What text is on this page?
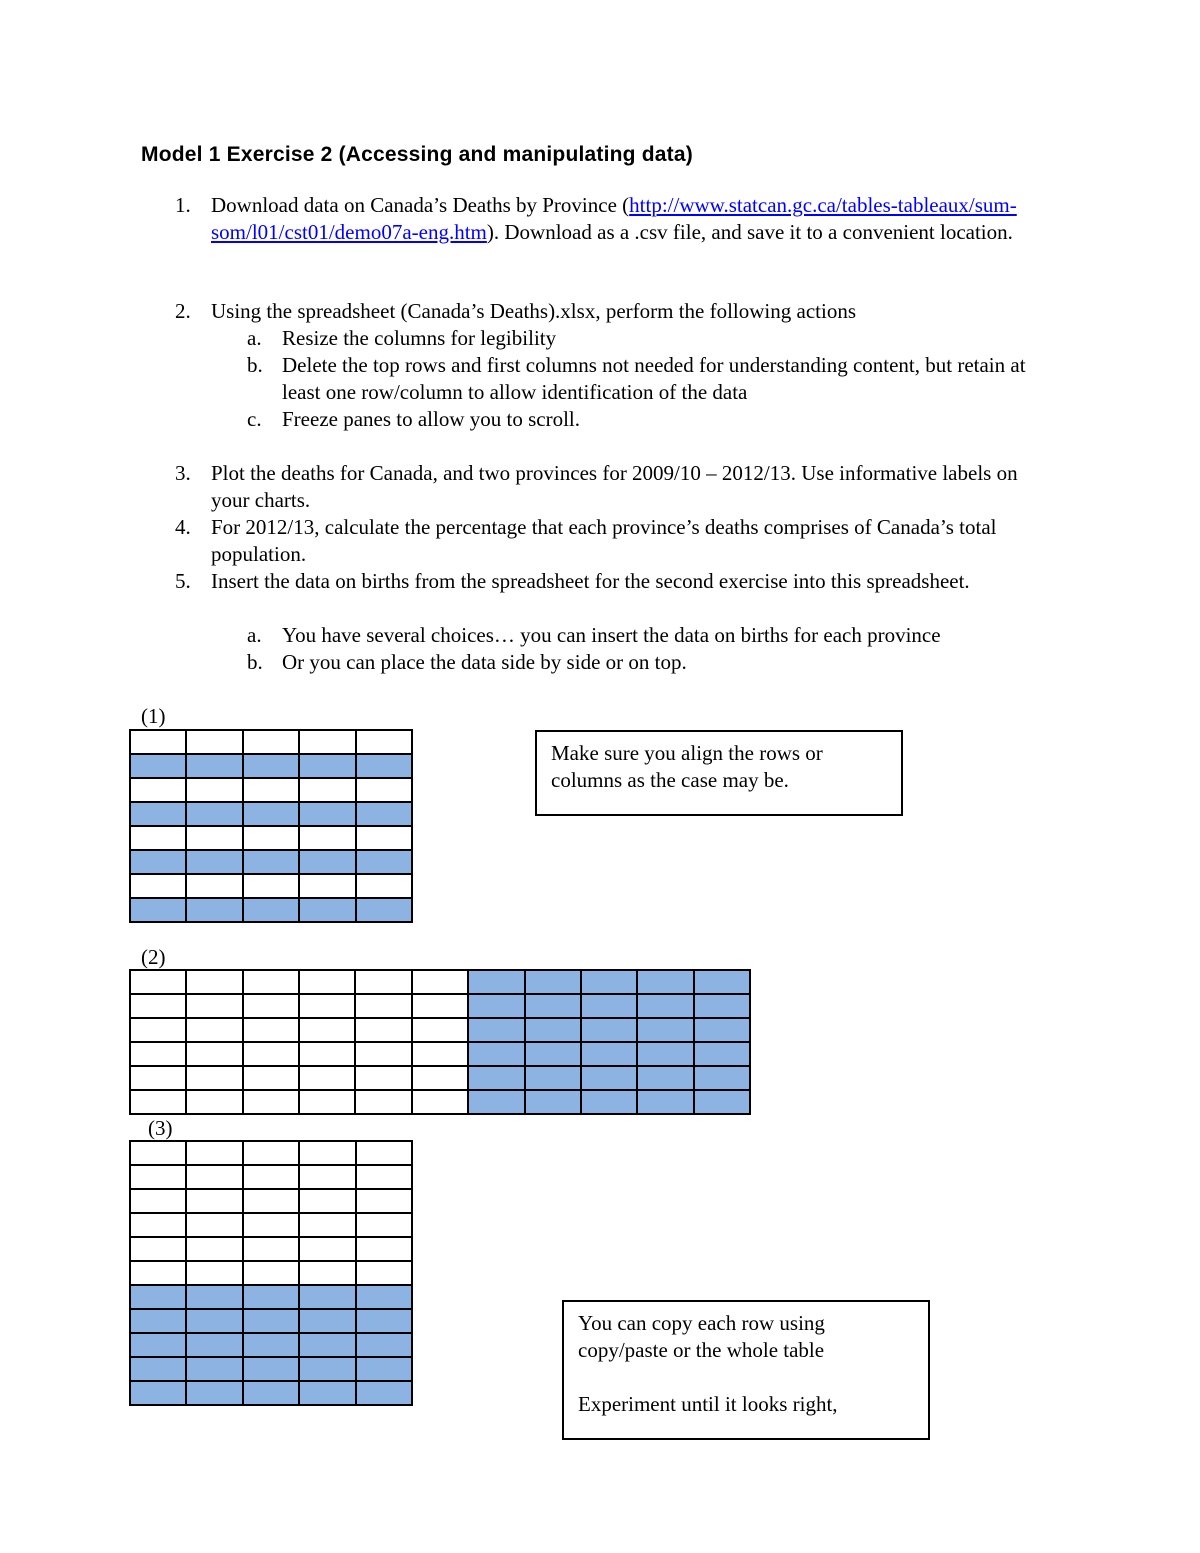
Model 1 Exercise 2 (Accessing and manipulating data)
1. Download data on Canada’s Deaths by Province (http://www.statcan.gc.ca/tables-tableaux/sum-som/l01/cst01/demo07a-eng.htm). Download as a .csv file, and save it to a convenient location.
2. Using the spreadsheet (Canada’s Deaths).xlsx, perform the following actions
a. Resize the columns for legibility
b. Delete the top rows and first columns not needed for understanding content, but retain at least one row/column to allow identification of the data
c. Freeze panes to allow you to scroll.
3. Plot the deaths for Canada, and two provinces for 2009/10 – 2012/13. Use informative labels on your charts.
4. For 2012/13, calculate the percentage that each province’s deaths comprises of Canada’s total population.
5. Insert the data on births from the spreadsheet for the second exercise into this spreadsheet.
a. You have several choices… you can insert the data on births for each province
b. Or you can place the data side by side or on top.
(1)

Make sure you align the rows or columns as the case may be.
(2)

(3)

You can copy each row using copy/paste or the whole table
Experiment until it looks right,
